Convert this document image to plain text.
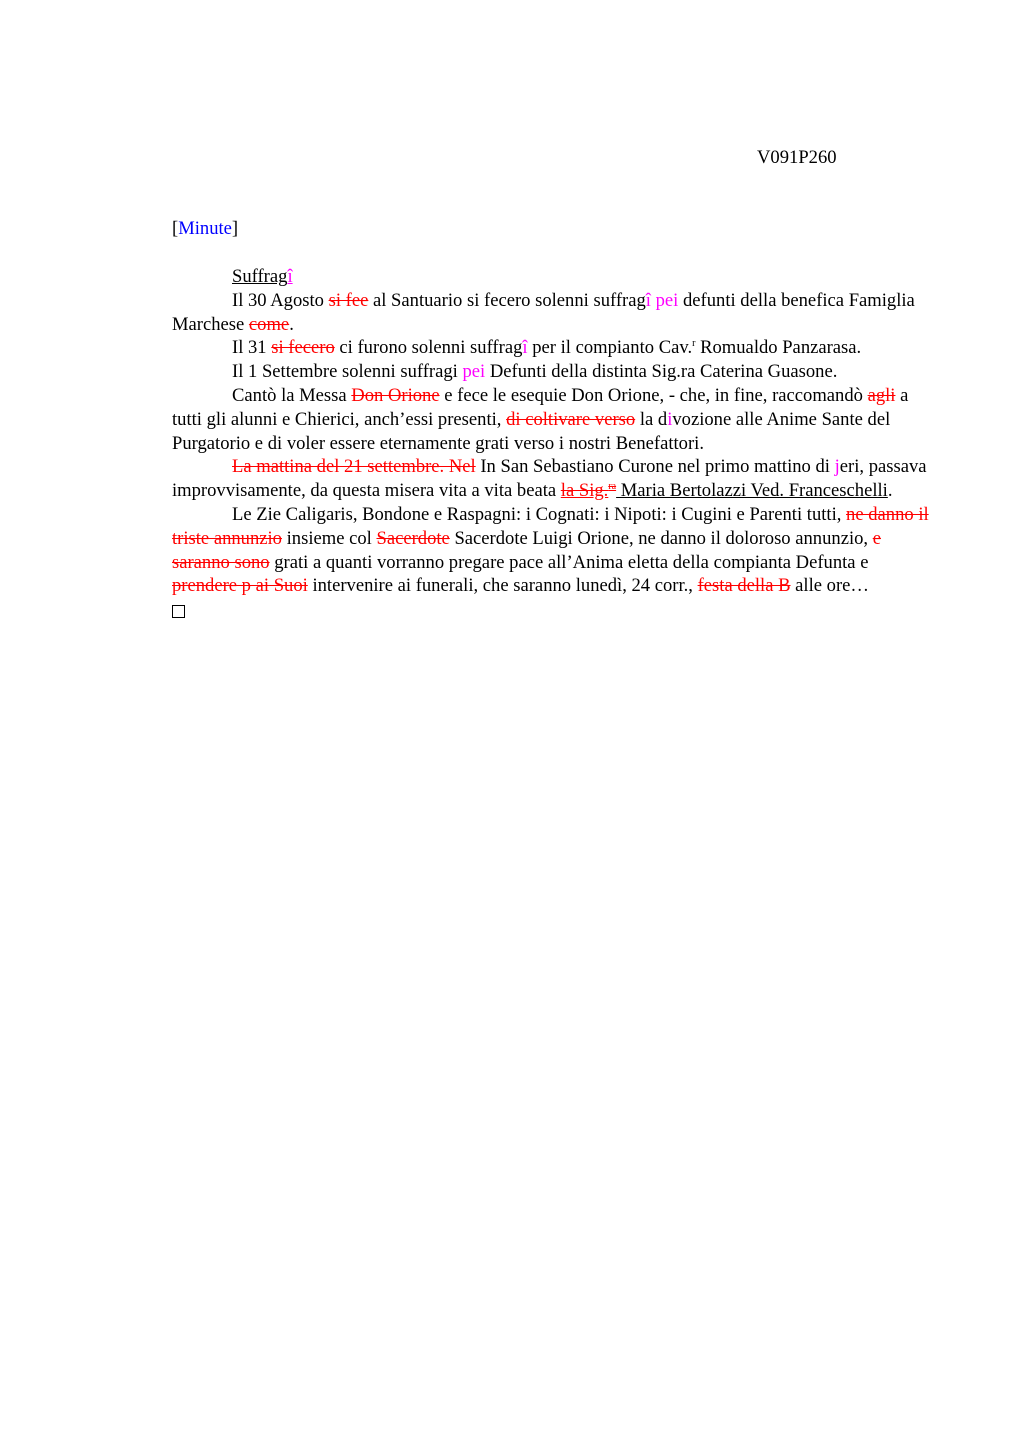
V091P260
[Minute]

Suffragî

Il 30 Agosto si fee al Santuario si fecero solenni suffragî pei defunti della benefica Famiglia Marchese come.

Il 31 si fecero ci furono solenni suffragî per il compianto Cav.$^r$ Romualdo Panzarasa.

Il 1 Settembre solenni suffragi pei Defunti della distinta Sig.ra Caterina Guasone.

Cantò la Messa Don Orione e fece le esequie Don Orione, - che, in fine, raccomandò agli a tutti gli alunni e Chierici, anch’essi presenti, di coltivare verso la divozione alle Anime Sante del Purgatorio e di voler essere eternamente grati verso i nostri Benefattori.

La mattina del 21 settembre. Nel In San Sebastiano Curone nel primo mattino di jeri, passava improvvisamente, da questa misera vita a vita beata la Sig.$^{ra}$ Maria Bertolazzi Ved. Franceschelli.

Le Zie Caligaris, Bondone e Raspagni: i Cognati: i Nipoti: i Cugini e Parenti tutti, ne danno il triste annunzio insieme col Sacerdote Sacerdote Luigi Orione, ne danno il doloroso annunzio, e saranno sono grati a quanti vorranno pregare pace all’Anima eletta della compianta Defunta e prendere p ai Suoi intervenire ai funerali, che saranno lunedì, 24 corr., festa della B alle ore…
